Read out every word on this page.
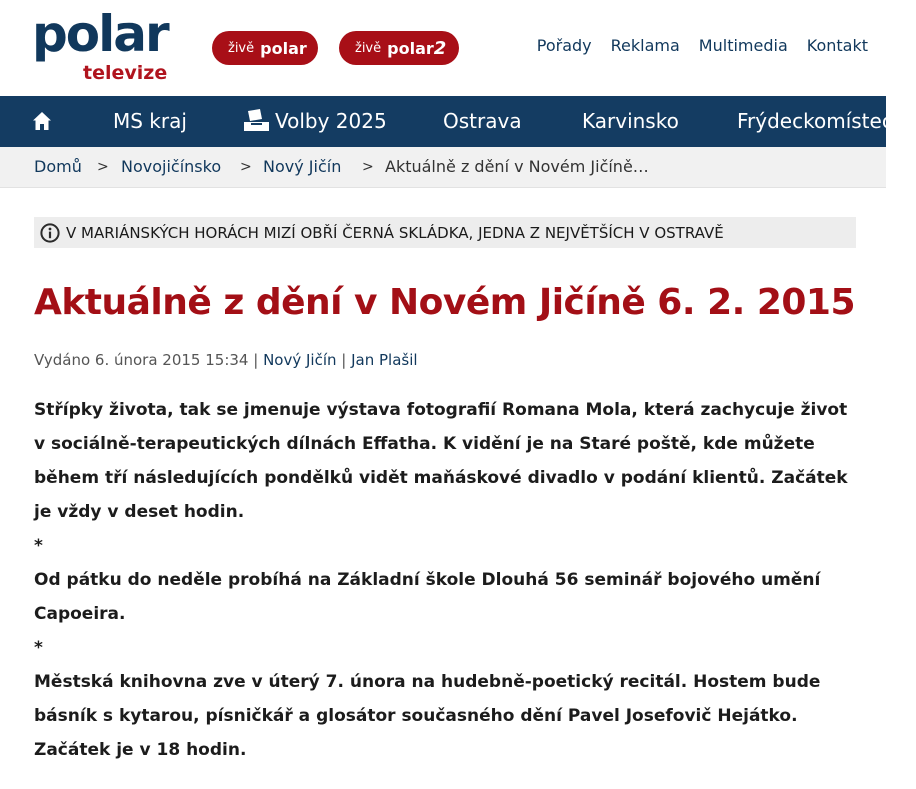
polar
televize
živě polar	živě polar2	Pořady Reklama Multimedia Kontakt
MS kraj	Volby 2025	Ostrava	Karvinsko	Frýdeckomístecko
Domů > Novojičínsko > Nový Jičín > Aktuálně z dění v Novém Jičíně…
V MARIÁNSKÝCH HORÁCH MIZÍ OBŘÍ ČERNÁ SKLÁDKA, JEDNA Z NEJVĚTŠÍCH V OSTRAVĚ
Aktuálně z dění v Novém Jičíně 6. 2. 2015
Vydáno 6. února 2015 15:34 | Nový Jičín | Jan Plašil

Střípky života, tak se jmenuje výstava fotografií Romana Mola, která zachycuje život v sociálně-terapeutických dílnách Effatha. K vidění je na Staré poště, kde můžete během tří následujících pondělků vidět maňáskové divadlo v podání klientů. Začátek je vždy v deset hodin.

*

Od pátku do neděle probíhá na Základní škole Dlouhá 56 seminář bojového umění Capoeira.

*

Městská knihovna zve v úterý 7. února na hudebně-poetický recitál. Hostem bude básník s kytarou, písničkář a glosátor současného dění Pavel Josefovič Hejátko. Začátek je v 18 hodin.
